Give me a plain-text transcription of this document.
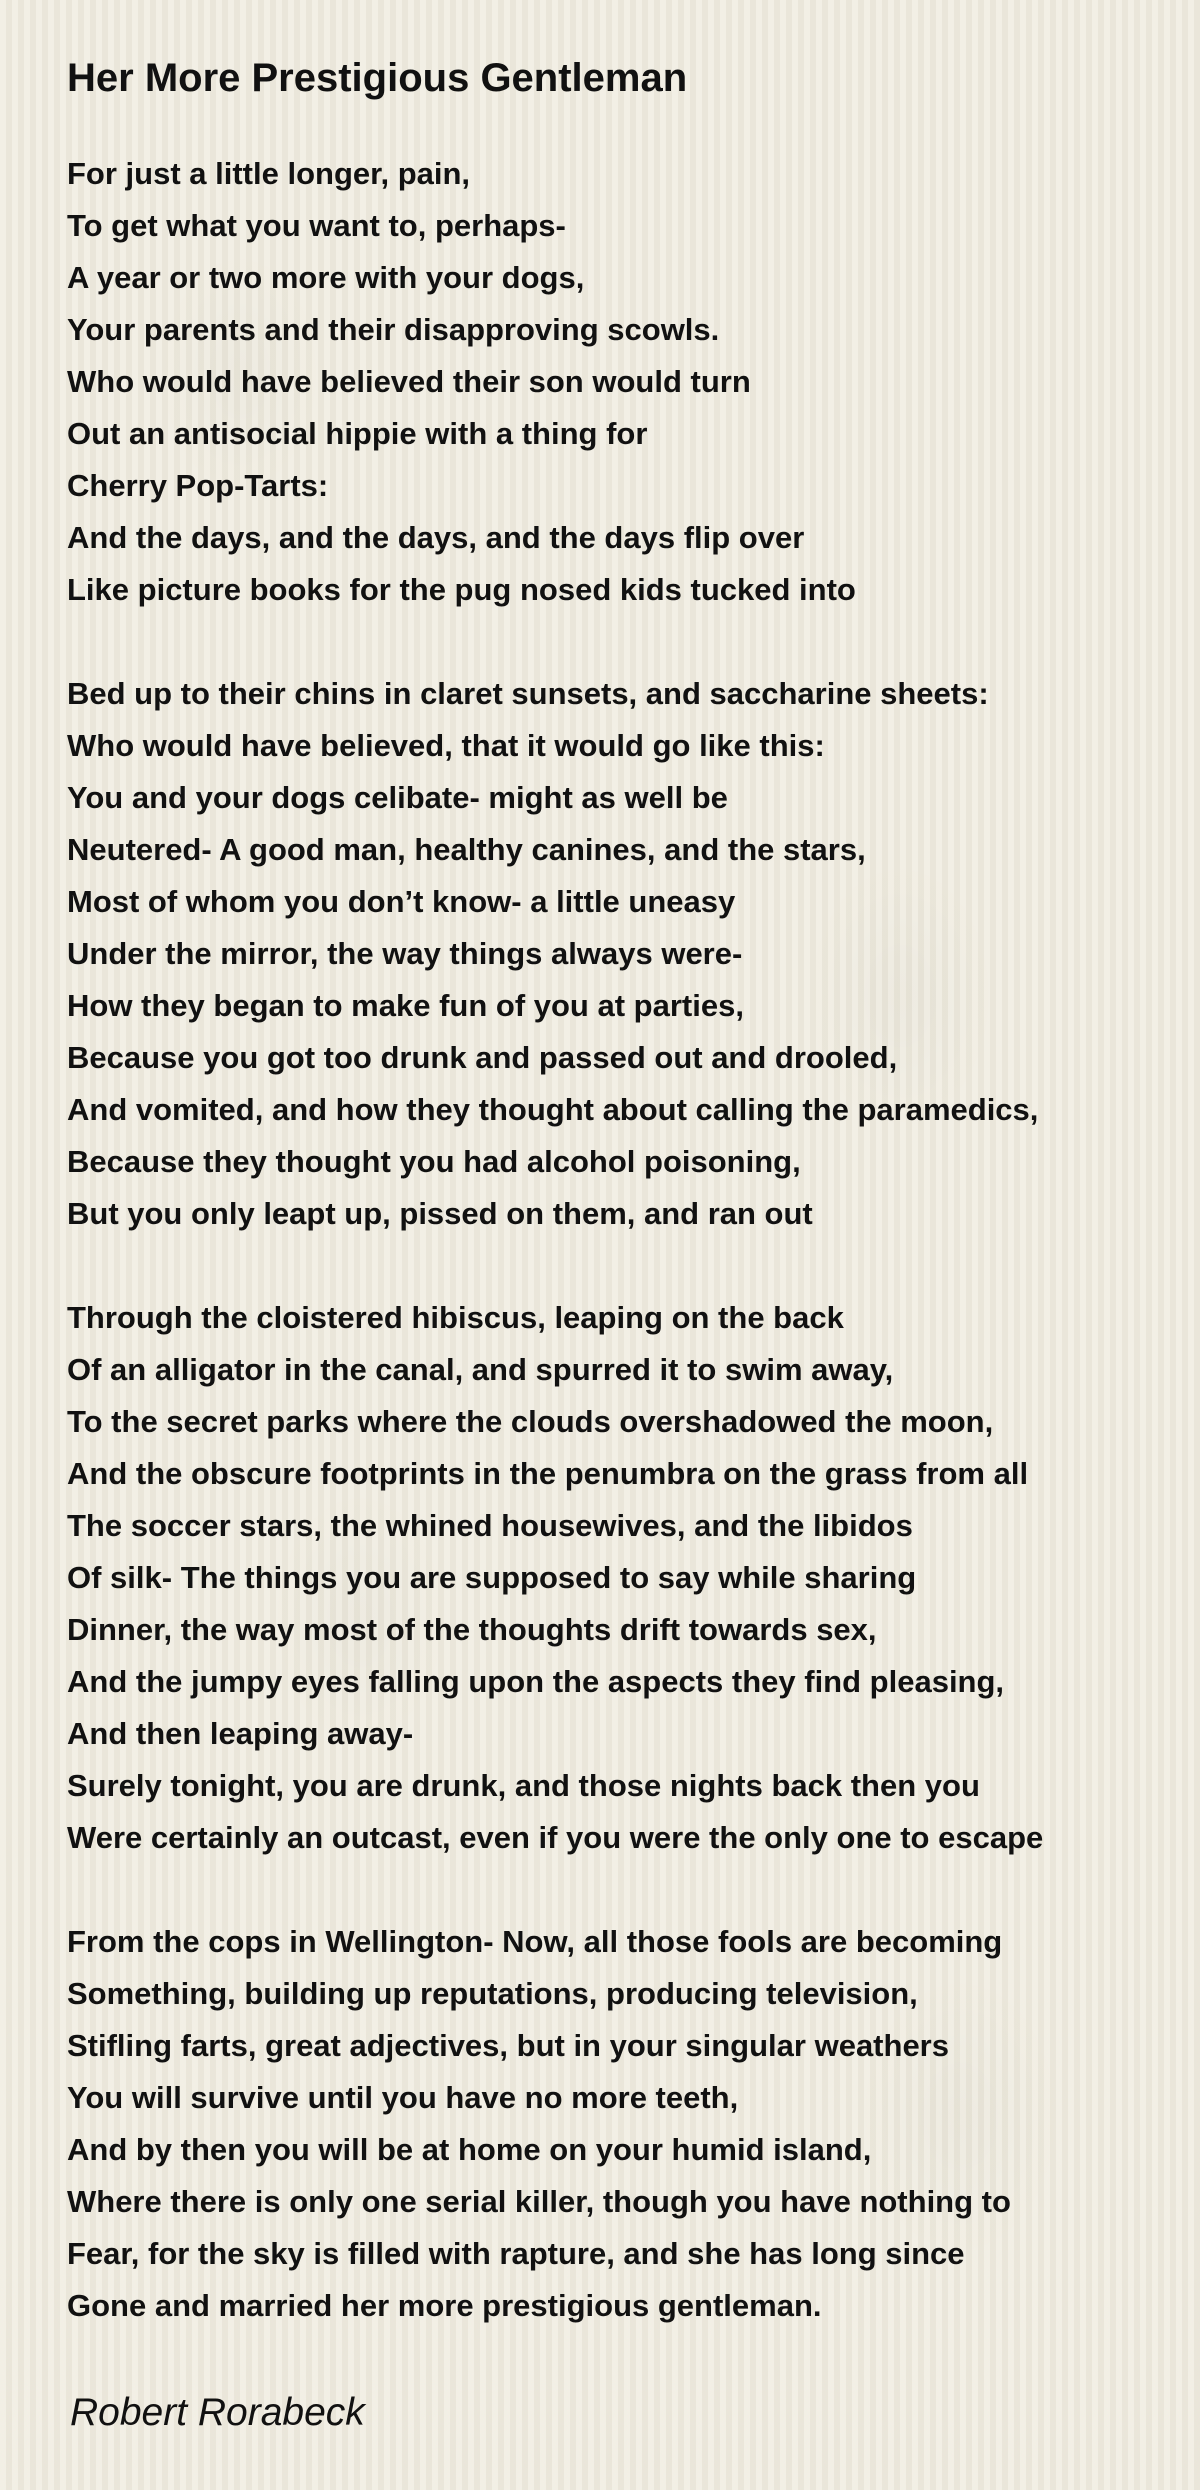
Her More Prestigious Gentleman
For just a little longer, pain,
To get what you want to, perhaps-
A year or two more with your dogs,
Your parents and their disapproving scowls.
Who would have believed their son would turn
Out an antisocial hippie with a thing for
Cherry Pop-Tarts:
And the days, and the days, and the days flip over
Like picture books for the pug nosed kids tucked into
Bed up to their chins in claret sunsets, and saccharine sheets:
Who would have believed, that it would go like this:
You and your dogs celibate- might as well be
Neutered- A good man, healthy canines, and the stars,
Most of whom you don’t know- a little uneasy
Under the mirror, the way things always were-
How they began to make fun of you at parties,
Because you got too drunk and passed out and drooled,
And vomited, and how they thought about calling the paramedics,
Because they thought you had alcohol poisoning,
But you only leapt up, pissed on them, and ran out
Through the cloistered hibiscus, leaping on the back
Of an alligator in the canal, and spurred it to swim away,
To the secret parks where the clouds overshadowed the moon,
And the obscure footprints in the penumbra on the grass from all
The soccer stars, the whined housewives, and the libidos
Of silk- The things you are supposed to say while sharing
Dinner, the way most of the thoughts drift towards sex,
And the jumpy eyes falling upon the aspects they find pleasing,
And then leaping away-
Surely tonight, you are drunk, and those nights back then you
Were certainly an outcast, even if you were the only one to escape
From the cops in Wellington- Now, all those fools are becoming
Something, building up reputations, producing television,
Stifling farts, great adjectives, but in your singular weathers
You will survive until you have no more teeth,
And by then you will be at home on your humid island,
Where there is only one serial killer, though you have nothing to
Fear, for the sky is filled with rapture, and she has long since
Gone and married her more prestigious gentleman.
Robert Rorabeck
